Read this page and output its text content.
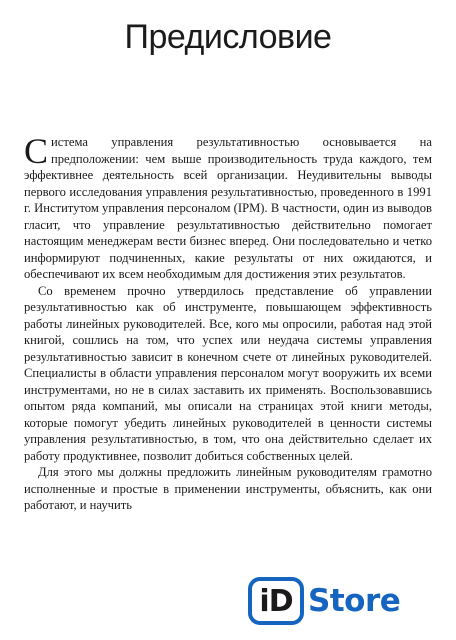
Предисловие

Система управления результативностью основывается на предположении: чем выше производительность труда каждого, тем эффективнее деятельность всей организации. Неудивительны выводы первого исследования управления результативностью, проведенного в 1991 г. Институтом управления персоналом (IPM). В частности, один из выводов гласит, что управление результативностью действительно помогает настоящим менеджерам вести бизнес вперед. Они последовательно и четко информируют подчиненных, какие результаты от них ожидаются, и обеспечивают их всем необходимым для достижения этих результатов.

Со временем прочно утвердилось представление об управлении результативностью как об инструменте, повышающем эффективность работы линейных руководителей. Все, кого мы опросили, работая над этой книгой, сошлись на том, что успех или неудача системы управления результативностью зависит в конечном счете от линейных руководителей. Специалисты в области управления персоналом могут вооружить их всеми инструментами, но не в силах заставить их применять. Воспользовавшись опытом ряда компаний, мы описали на страницах этой книги методы, которые помогут убедить линейных руководителей в ценности системы управления результативностью, в том, что она действительно сделает их работу продуктивнее, позволит добиться собственных целей.

Для этого мы должны предложить линейным руководителям грамотно исполненные и простые в применении инструменты, объяснить, как они работают, и научить

iD Store
